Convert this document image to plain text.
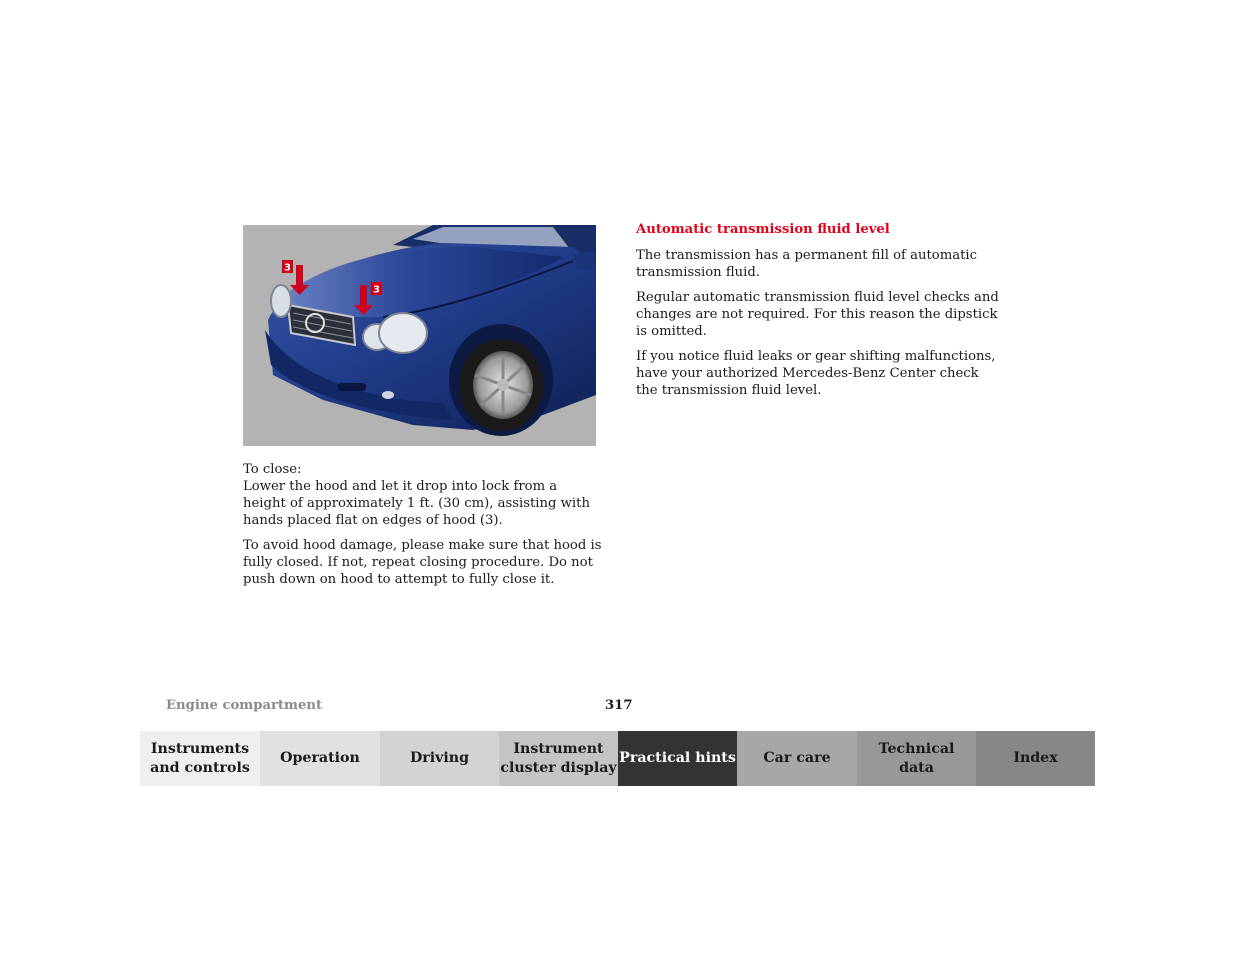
3
3

To close:
Lower the hood and let it drop into lock from a height of approximately 1 ft. (30 cm), assisting with hands placed flat on edges of hood (3).

To avoid hood damage, please make sure that hood is fully closed. If not, repeat closing procedure. Do not push down on hood to attempt to fully close it.

Automatic transmission fluid level

The transmission has a permanent fill of automatic transmission fluid.

Regular automatic transmission fluid level checks and changes are not required. For this reason the dipstick is omitted.

If you notice fluid leaks or gear shifting malfunctions, have your authorized Mercedes-Benz Center check the transmission fluid level.

Engine compartment	317
Instruments
and controls
Operation	Driving
Instrument
cluster display
Practical hints	Car care
Technical
data
Index
